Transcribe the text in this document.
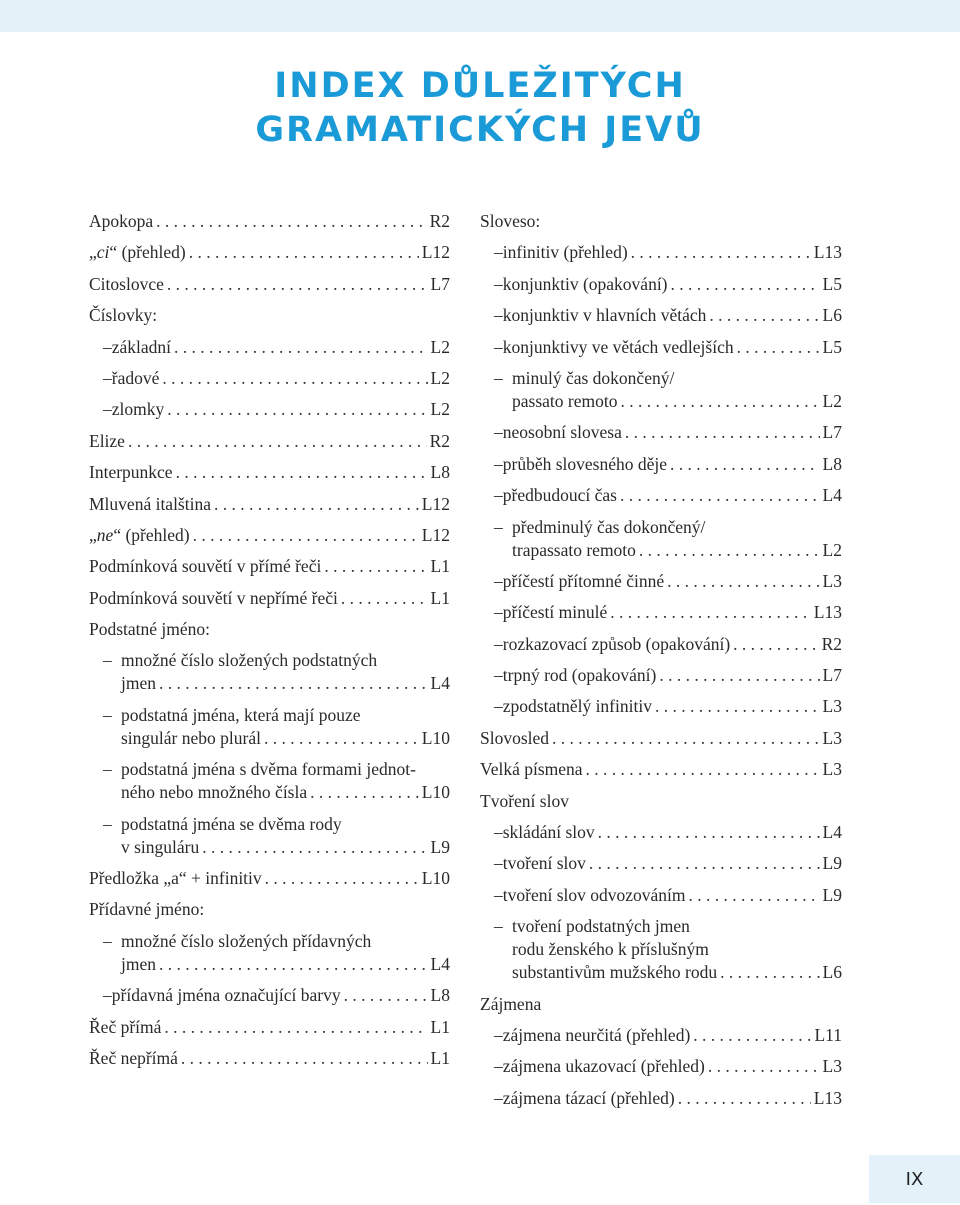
INDEX DŮLEŽITÝCH
GRAMATICKÝCH JEVŮ
Apokopa . . .	R2
„ci“ (přehled) . . .	L12
Citoslovce . . .	L7
Číslovky:
– základní . . .	L2
– řadové . . .	L2
– zlomky . . .	L2
Elize . . .	R2
Interpunkce . . .	L8
Mluvená italština . . .	L12
„ne“ (přehled) . . .	L12
Podmínková souvětí v přímé řeči . . .	L1
Podmínková souvětí v nepřímé řeči . . .	L1
Podstatné jméno:
– množné číslo složených podstatných
jmen . . .	L4
– podstatná jména, která mají pouze
singulár nebo plurál . . .	L10
– podstatná jména s dvěma formami jednot-
ného nebo množného čísla . . .	L10
– podstatná jména se dvěma rody
v singuláru . . .	L9
Předložka „a“ + infinitiv . . .	L10
Přídavné jméno:
– množné číslo složených přídavných
jmen . . .	L4
– přídavná jména označující barvy . . .	L8
Řeč přímá . . .	L1
Řeč nepřímá . . .	L1
Sloveso:
– infinitiv (přehled) . . .	L13
– konjunktiv (opakování) . . .	L5
– konjunktiv v hlavních větách . . .	L6
– konjunktivy ve větách vedlejších . . .	L5
– minulý čas dokončený/
passato remoto . . .	L2
– neosobní slovesa . . .	L7
– průběh slovesného děje . . .	L8
– předbudoucí čas . . .	L4
– předminulý čas dokončený/
trapassato remoto . . .	L2
– příčestí přítomné činné . . .	L3
– příčestí minulé . . .	L13
– rozkazovací způsob (opakování) . . .	R2
– trpný rod (opakování) . . .	L7
– zpodstatnělý infinitiv . . .	L3
Slovosled . . .	L3
Velká písmena . . .	L3
Tvoření slov
– skládání slov . . .	L4
– tvoření slov . . .	L9
– tvoření slov odvozováním . . .	L9
– tvoření podstatných jmen
rodu ženského k příslušným
substantivům mužského rodu . . .	L6
Zájmena
– zájmena neurčitá (přehled) . . .	L11
– zájmena ukazovací (přehled) . . .	L3
– zájmena tázací (přehled) . . .	L13
IX
